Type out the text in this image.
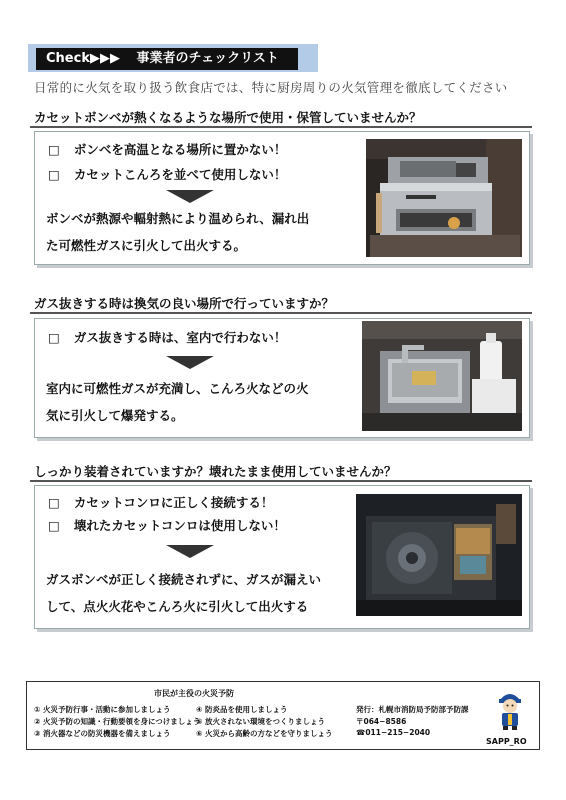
Check▶▶▶ 事業者のチェックリスト
日常的に火気を取り扱う飲食店では、特に厨房周りの火気管理を徹底してください
カセットボンベが熱くなるような場所で使用・保管していませんか？
□ ボンベを高温となる場所に置かない！
□ カセットこんろを並べて使用しない！
ボンベが熱源や輻射熱により温められ、漏れ出
た可燃性ガスに引火して出火する。
ガス抜きする時は換気の良い場所で行っていますか？
□ ガス抜きする時は、室内で行わない！
室内に可燃性ガスが充満し、こんろ火などの火
気に引火して爆発する。
しっかり装着されていますか？壊れたまま使用していませんか？
□ カセットコンロに正しく接続する！
□ 壊れたカセットコンロは使用しない！
ガスボンベが正しく接続されずに、ガスが漏えい
して、点火火花やこんろ火に引火して出火する
市民が主役の火災予防
① 火災予防行事・活動に参加しましょう
② 火災予防の知識・行動要領を身につけましょう
③ 消火器などの防災機器を備えましょう
④ 防炎品を使用しましょう
⑤ 放火されない環境をつくりましょう
⑥ 火災から高齢の方などを守りましょう
発行：札幌市消防局予防部予防課
〒064−8586
☎011−215−2040
SAPP_RO
